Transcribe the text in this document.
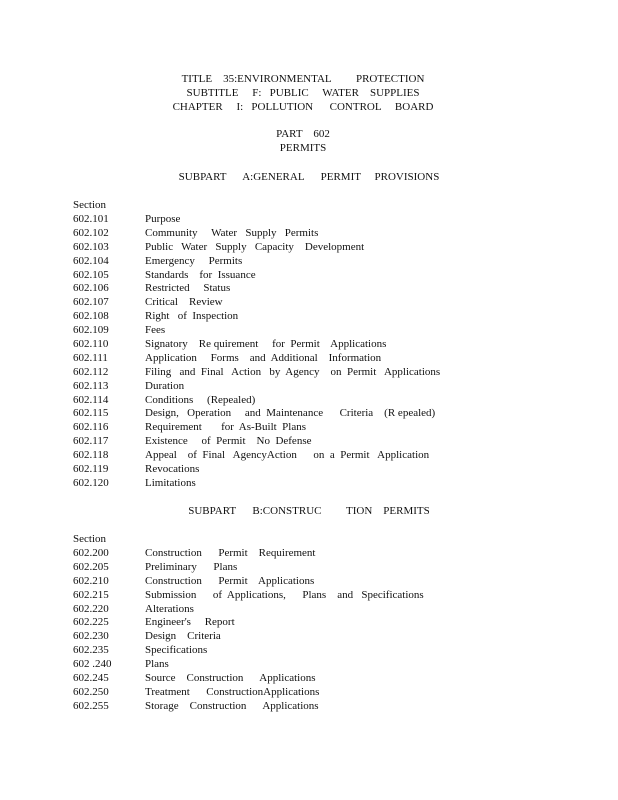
TITLE    35:ENVIRONMENTAL         PROTECTION
SUBTITLE     F:   PUBLIC     WATER    SUPPLIES
CHAPTER     I:   POLLUTION      CONTROL     BOARD
PART    602
PERMITS
SUBPART      A:GENERAL      PERMIT     PROVISIONS
Section
602.101	Purpose
602.102	Community     Water   Supply   Permits
602.103	Public   Water   Supply   Capacity    Development
602.104	Emergency     Permits
602.105	Standards    for  Issuance
602.106	Restricted     Status
602.107	Critical    Review
602.108	Right   of  Inspection
602.109	Fees
602.110	Signatory    Re quirement     for  Permit    Applications
602.111	Application     Forms    and  Additional    Information
602.112	Filing   and  Final   Action   by  Agency    on  Permit   Applications
602.113	Duration
602.114	Conditions     (Repealed)
602.115	Design,   Operation     and  Maintenance      Criteria    (R epealed)
602.116	Requirement       for  As-Built  Plans
602.117	Existence     of  Permit    No  Defense
602.118	Appeal    of  Final   AgencyAction      on  a  Permit   Application
602.119	Revocations
602.120	Limitations
SUBPART      B:CONSTRUC         TION    PERMITS
Section
602.200	Construction      Permit    Requirement
602.205	Preliminary      Plans
602.210	Construction      Permit    Applications
602.215	Submission      of  Applications,      Plans    and   Specifications
602.220	Alterations
602.225	Engineer's     Report
602.230	Design    Criteria
602.235	Specifications
602 .240	Plans
602.245	Source    Construction      Applications
602.250	Treatment      ConstructionApplications
602.255	Storage    Construction      Applications
